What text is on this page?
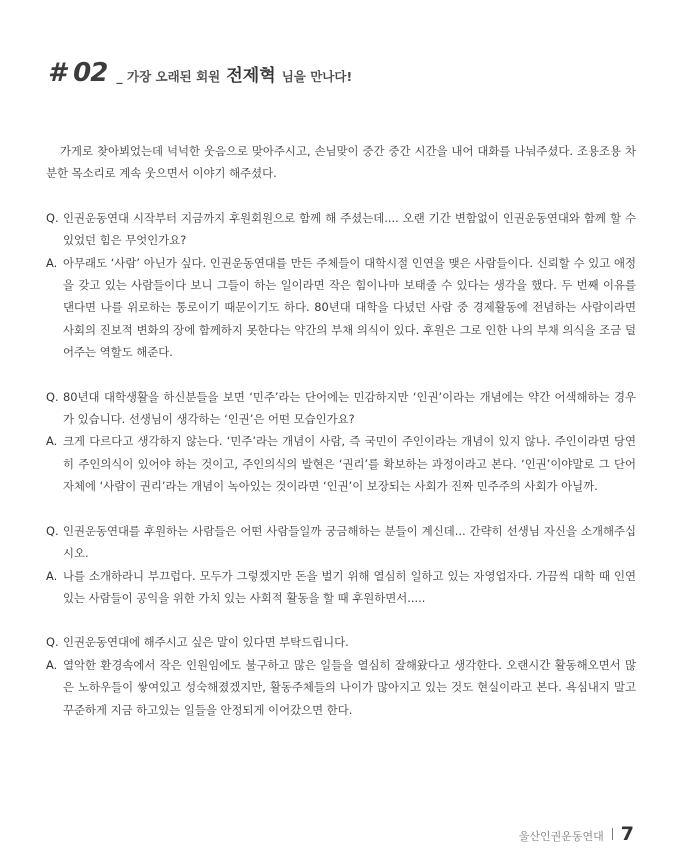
# 02 _ 가장 오래된 회원 전제혁 님을 만나다!

가게로 찾아뵈었는데 넉넉한 웃음으로 맞아주시고, 손님맞이 중간 중간 시간을 내어 대화를 나눠주셨다. 조용조용 차분한 목소리로 계속 웃으면서 이야기 해주셨다.

Q. 인권운동연대 시작부터 지금까지 후원회원으로 함께 해 주셨는데.... 오랜 기간 변함없이 인권운동연대와 함께 할 수 있었던 힘은 무엇인가요?
A. 아무래도 ‘사람’ 아닌가 싶다. 인권운동연대를 만든 주체들이 대학시절 인연을 맺은 사람들이다. 신뢰할 수 있고 애정을 갖고 있는 사람들이다 보니 그들이 하는 일이라면 작은 힘이나마 보태줄 수 있다는 생각을 했다. 두 번째 이유를 댄다면 나를 위로하는 통로이기 때문이기도 하다. 80년대 대학을 다녔던 사람 중 경제활동에 전념하는 사람이라면 사회의 진보적 변화의 장에 함께하지 못한다는 약간의 부채 의식이 있다. 후원은 그로 인한 나의 부채 의식을 조금 덜어주는 역할도 해준다.
Q. 80년대 대학생활을 하신분들을 보면 ‘민주’라는 단어에는 민감하지만 ‘인권’이라는 개념에는 약간 어색해하는 경우가 있습니다. 선생님이 생각하는 ‘인권’은 어떤 모습인가요?
A. 크게 다르다고 생각하지 않는다. ‘민주’라는 개념이 사람, 즉 국민이 주인이라는 개념이 있지 않나. 주인이라면 당연히 주인의식이 있어야 하는 것이고, 주인의식의 발현은 ‘권리’를 확보하는 과정이라고 본다. ‘인권’이야말로 그 단어 자체에 ‘사람이 권리’라는 개념이 녹아있는 것이라면 ‘인권’이 보장되는 사회가 진짜 민주주의 사회가 아닐까.
Q. 인권운동연대를 후원하는 사람들은 어떤 사람들일까 궁금해하는 분들이 계신데... 간략히 선생님 자신을 소개해주십시오.
A. 나를 소개하라니 부끄럽다. 모두가 그렇겠지만 돈을 벌기 위해 열심히 일하고 있는 자영업자다. 가끔씩 대학 때 인연 있는 사람들이 공익을 위한 가치 있는 사회적 활동을 할 때 후원하면서.....
Q. 인권운동연대에 해주시고 싶은 말이 있다면 부탁드립니다.
A. 열악한 환경속에서 작은 인원임에도 불구하고 많은 일들을 열심히 잘해왔다고 생각한다. 오랜시간 활동해오면서 많은 노하우들이 쌓여있고 성숙해졌겠지만, 활동주체들의 나이가 많아지고 있는 것도 현실이라고 본다. 욕심내지 말고 꾸준하게 지금 하고있는 일들을 안정되게 이어갔으면 한다.
울산인권운동연대 7
